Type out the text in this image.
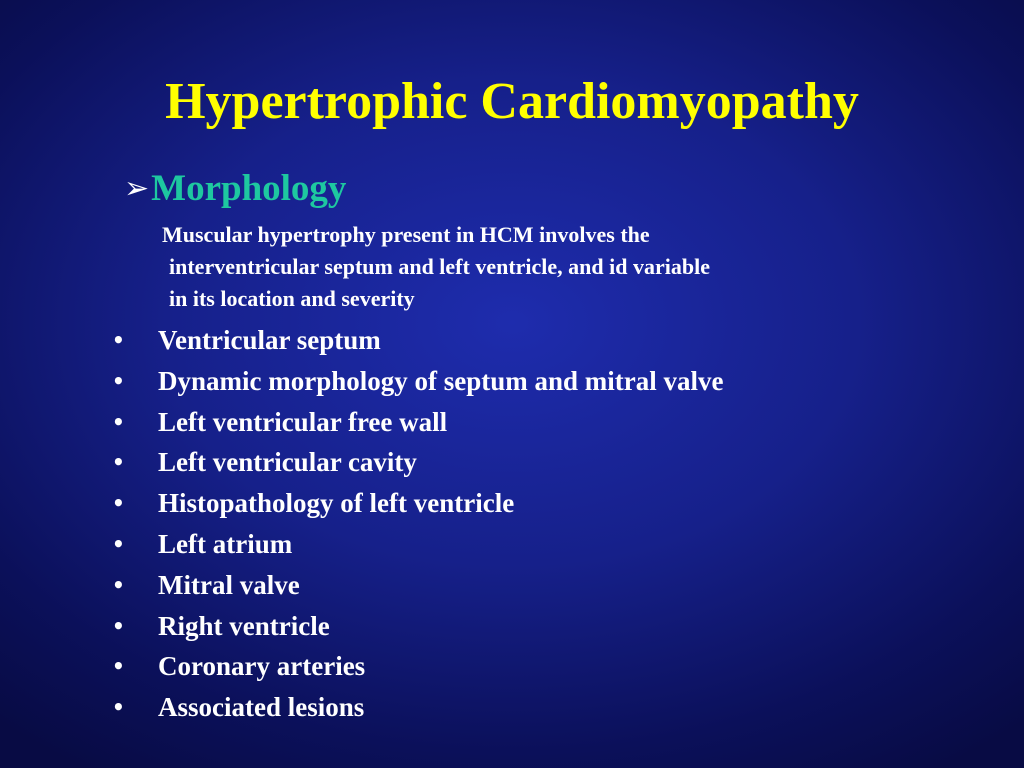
Hypertrophic Cardiomyopathy
➢ Morphology
Muscular hypertrophy present in HCM involves the
interventricular septum and left ventricle, and id variable
in its location and severity
• Ventricular septum
• Dynamic morphology of septum and mitral valve
• Left ventricular free wall
• Left ventricular cavity
• Histopathology of left ventricle
• Left atrium
• Mitral valve
• Right ventricle
• Coronary arteries
• Associated lesions
